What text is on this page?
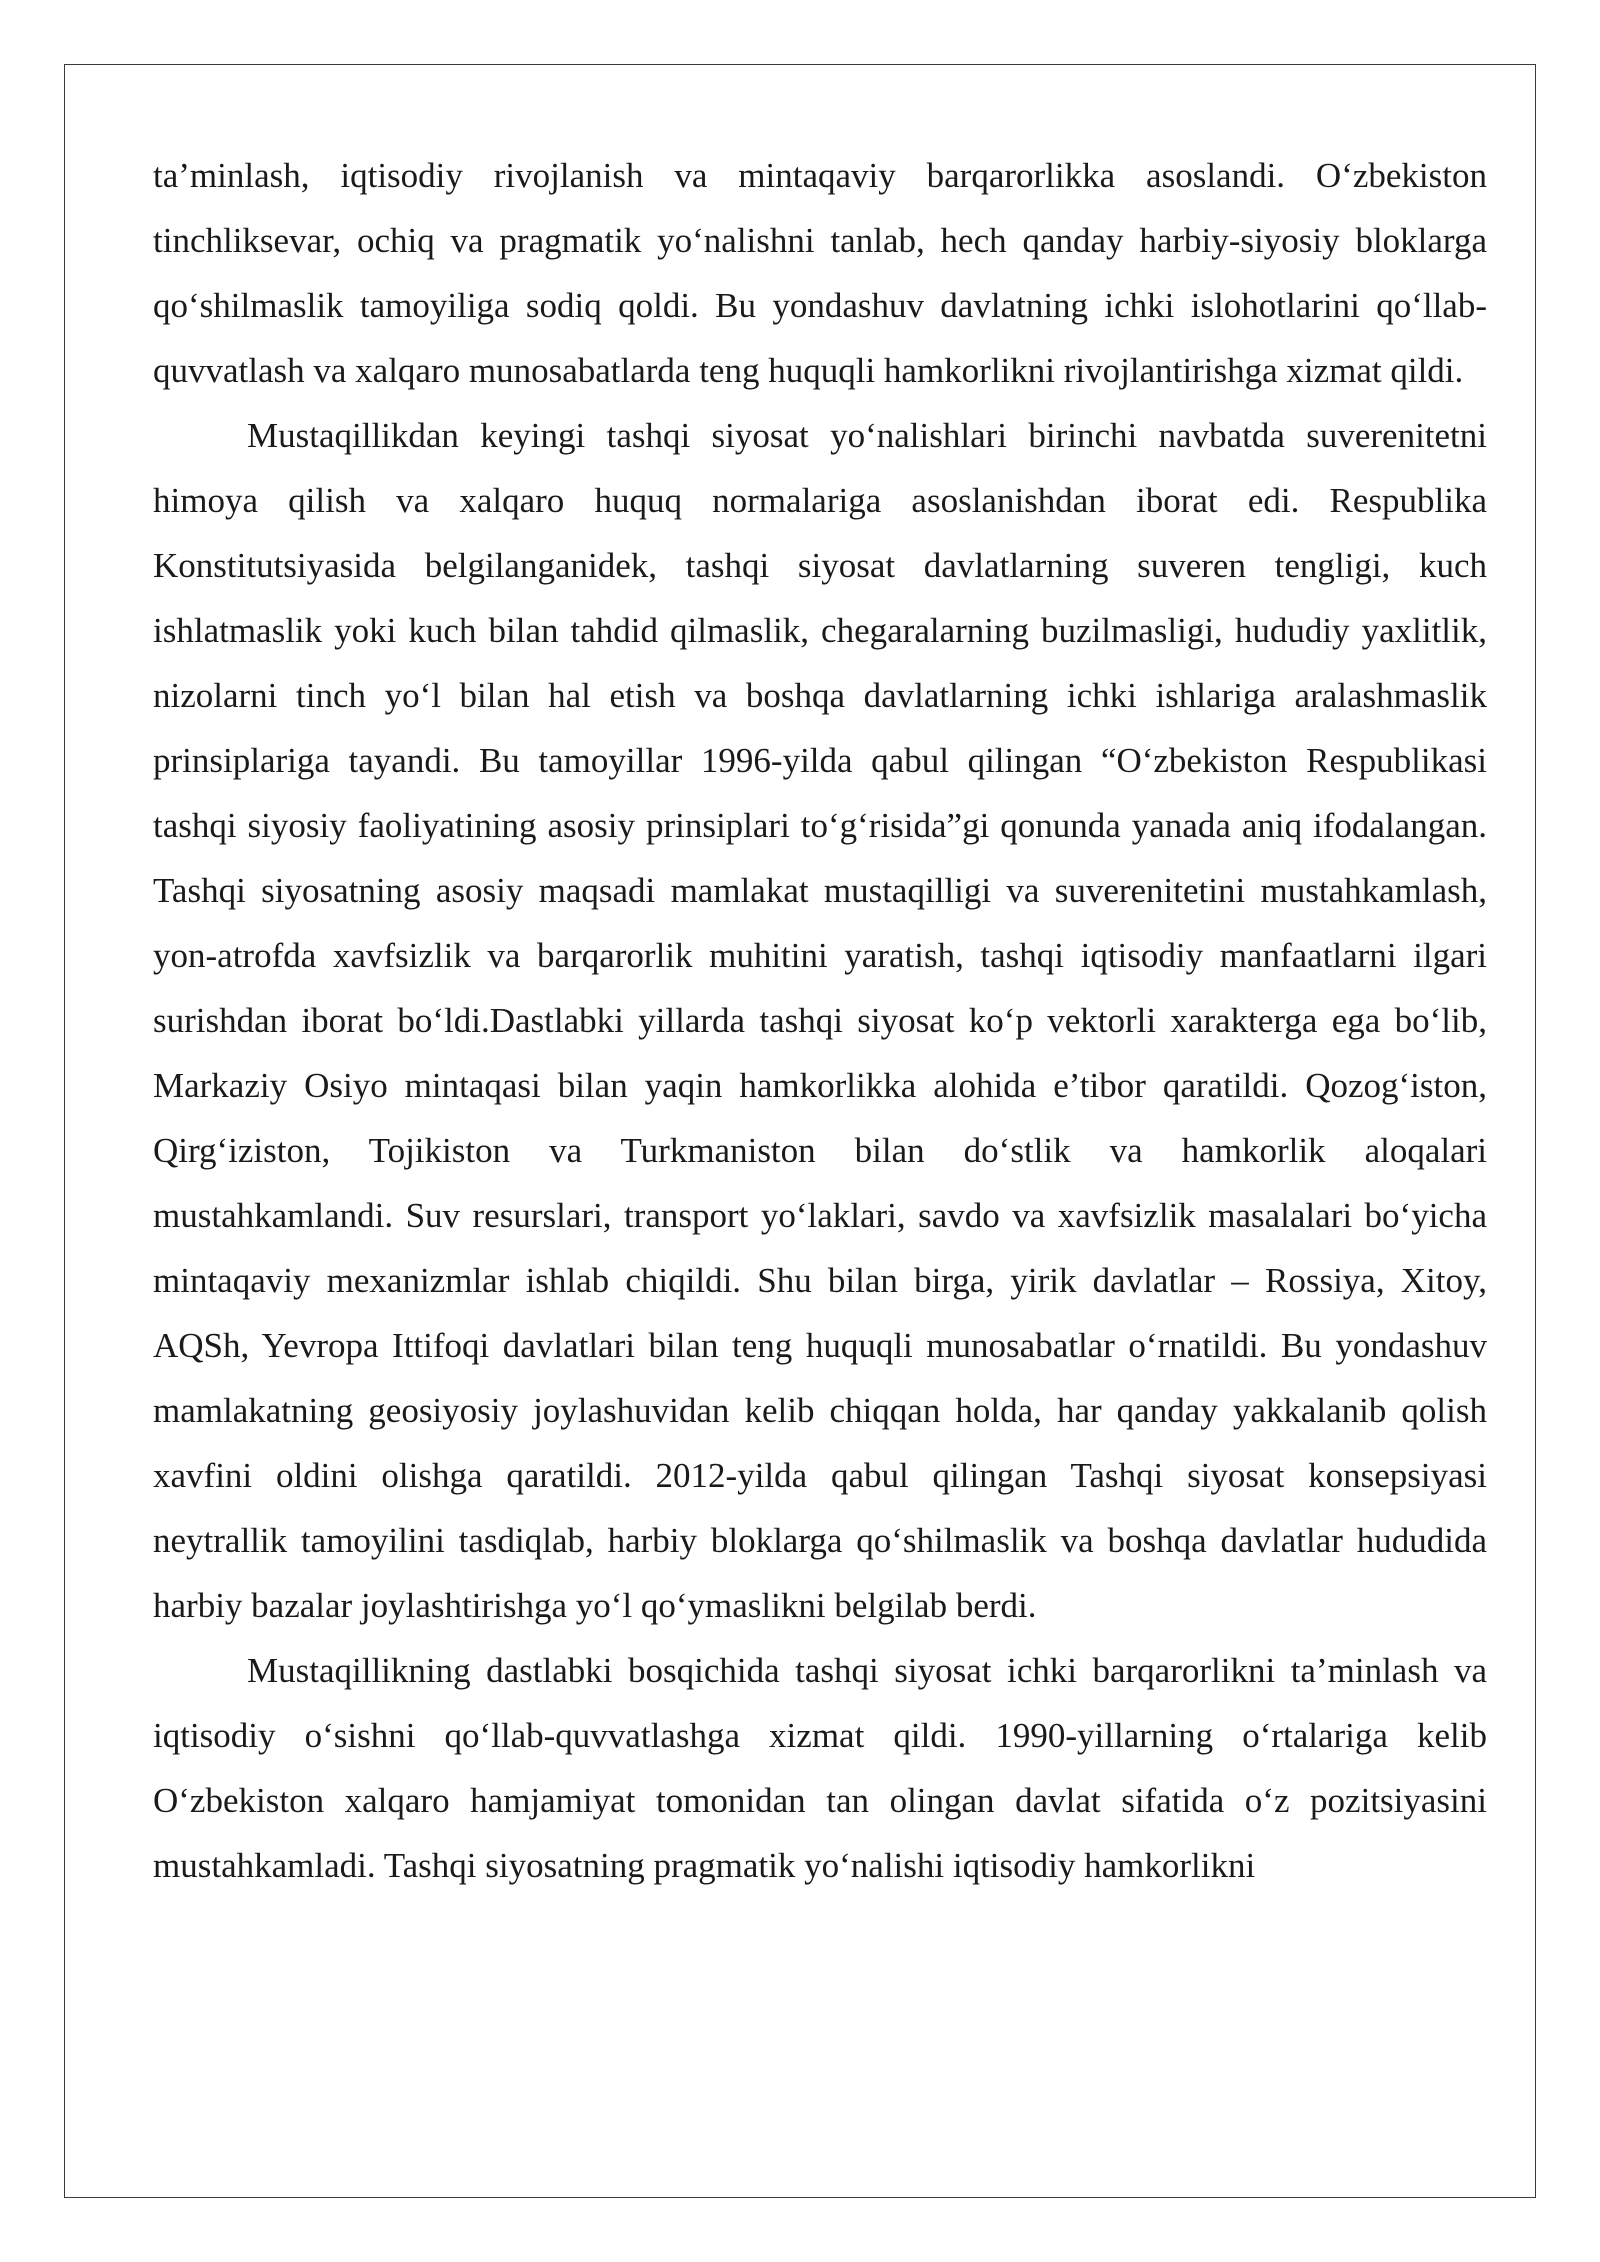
ta’minlash, iqtisodiy rivojlanish va mintaqaviy barqarorlikka asoslandi. O‘zbekiston tinchliksevar, ochiq va pragmatik yo‘nalishni tanlab, hech qanday harbiy-siyosiy bloklarga qo‘shilmaslik tamoyiliga sodiq qoldi. Bu yondashuv davlatning ichki islohotlarini qo‘llab-quvvatlash va xalqaro munosabatlarda teng huquqli hamkorlikni rivojlantirishga xizmat qildi.

Mustaqillikdan keyingi tashqi siyosat yo‘nalishlari birinchi navbatda suverenitetni himoya qilish va xalqaro huquq normalariga asoslanishdan iborat edi. Respublika Konstitutsiyasida belgilanganidek, tashqi siyosat davlatlarning suveren tengligi, kuch ishlatmaslik yoki kuch bilan tahdid qilmaslik, chegaralarning buzilmasligi, hududiy yaxlitlik, nizolarni tinch yo‘l bilan hal etish va boshqa davlatlarning ichki ishlariga aralashmaslik prinsiplariga tayandi. Bu tamoyillar 1996-yilda qabul qilingan “O‘zbekiston Respublikasi tashqi siyosiy faoliyatining asosiy prinsiplari to‘g‘risida”gi qonunda yanada aniq ifodalangan. Tashqi siyosatning asosiy maqsadi mamlakat mustaqilligi va suverenitetini mustahkamlash, yon-atrofda xavfsizlik va barqarorlik muhitini yaratish, tashqi iqtisodiy manfaatlarni ilgari surishdan iborat bo‘ldi.Dastlabki yillarda tashqi siyosat ko‘p vektorli xarakterga ega bo‘lib, Markaziy Osiyo mintaqasi bilan yaqin hamkorlikka alohida e’tibor qaratildi. Qozog‘iston, Qirg‘iziston, Tojikiston va Turkmaniston bilan do‘stlik va hamkorlik aloqalari mustahkamlandi. Suv resurslari, transport yo‘laklari, savdo va xavfsizlik masalalari bo‘yicha mintaqaviy mexanizmlar ishlab chiqildi. Shu bilan birga, yirik davlatlar – Rossiya, Xitoy, AQSh, Yevropa Ittifoqi davlatlari bilan teng huquqli munosabatlar o‘rnatildi. Bu yondashuv mamlakatning geosiyosiy joylashuvidan kelib chiqqan holda, har qanday yakkalanib qolish xavfini oldini olishga qaratildi. 2012-yilda qabul qilingan Tashqi siyosat konsepsiyasi neytrallik tamoyilini tasdiqlab, harbiy bloklarga qo‘shilmaslik va boshqa davlatlar hududida harbiy bazalar joylashtirishga yo‘l qo‘ymaslikni belgilab berdi.

Mustaqillikning dastlabki bosqichida tashqi siyosat ichki barqarorlikni ta’minlash va iqtisodiy o‘sishni qo‘llab-quvvatlashga xizmat qildi. 1990-yillarning o‘rtalariga kelib O‘zbekiston xalqaro hamjamiyat tomonidan tan olingan davlat sifatida o‘z pozitsiyasini mustahkamladi. Tashqi siyosatning pragmatik yo‘nalishi iqtisodiy hamkorlikni
